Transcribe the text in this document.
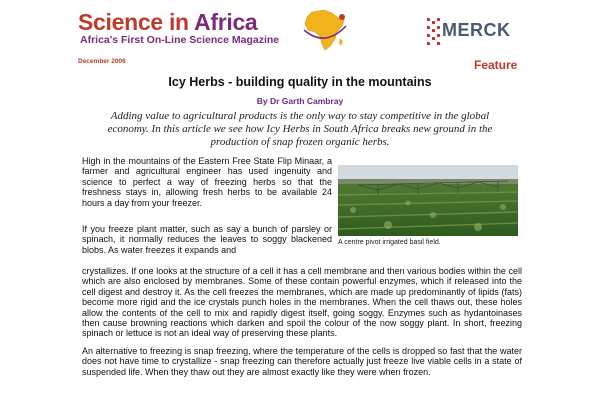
Science in Africa
Africa's First On-Line Science Magazine	MERCK
December 2006	Feature
Icy Herbs - building quality in the mountains
By Dr Garth Cambray
Adding value to agricultural products is the only way to stay competitive in the global economy. In this article we see how Icy Herbs in South Africa breaks new ground in the production of snap frozen organic herbs.
High in the mountains of the Eastern Free State Flip Minaar, a farmer and agricultural engineer has used ingenuity and science to perfect a way of freezing herbs so that the freshness stays in, allowing fresh herbs to be available 24 hours a day from your freezer.
If you freeze plant matter, such as say a bunch of parsley or spinach, it normally reduces the leaves to soggy blackened blobs. As water freezes it expands and
crystallizes. If one looks at the structure of a cell it has a cell membrane and then various bodies within the cell which are also enclosed by membranes. Some of these contain powerful enzymes, which if released into the cell digest and destroy it. As the cell freezes the membranes, which are made up predominantly of lipids (fats) become more rigid and the ice crystals punch holes in the membranes. When the cell thaws out, these holes allow the contents of the cell to mix and rapidly digest itself, going soggy. Enzymes such as hydantoinases then cause browning reactions which darken and spoil the colour of the now soggy plant. In short, freezing spinach or lettuce is not an ideal way of preserving these plants.
An alternative to freezing is snap freezing, where the temperature of the cells is dropped so fast that the water does not have time to crystallize - snap freezing can therefore actually just freeze live viable cells in a state of suspended life. When they thaw out they are almost exactly like they were when frozen.
A centre pivot irrigated basil field.
